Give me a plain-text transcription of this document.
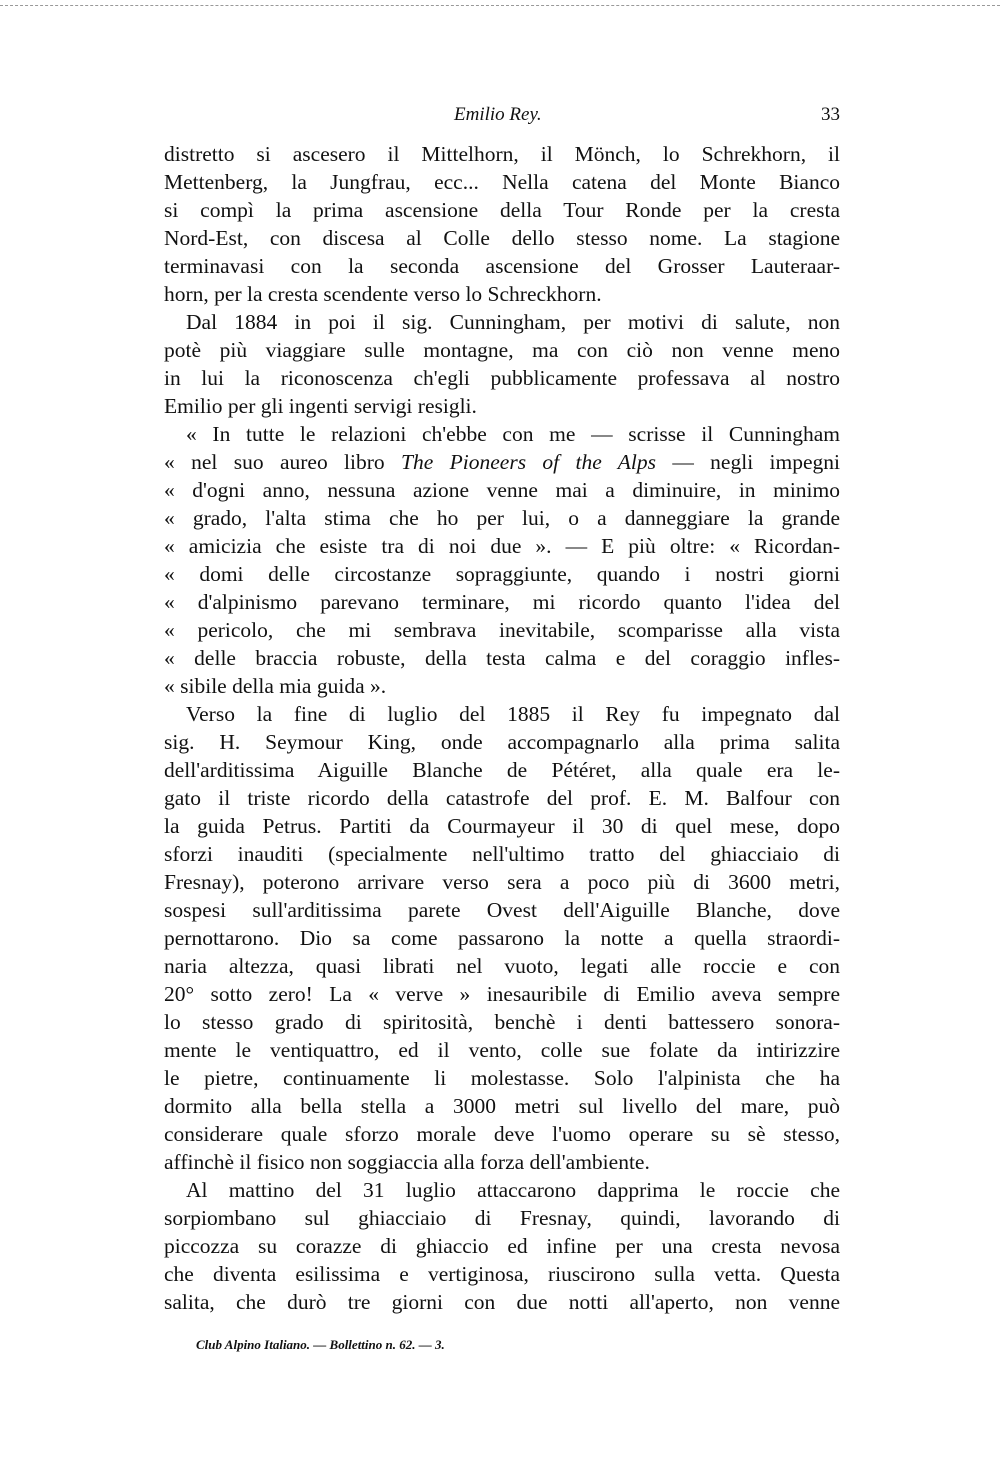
Emilio Rey.	33
distretto si ascesero il Mittelhorn, il Mönch, lo Schrekhorn, il
Mettenberg, la Jungfrau, ecc... Nella catena del Monte Bianco
si compì la prima ascensione della Tour Ronde per la cresta
Nord-Est, con discesa al Colle dello stesso nome. La stagione
terminavasi con la seconda ascensione del Grosser Lauteraar-
horn, per la cresta scendente verso lo Schreckhorn.
Dal 1884 in poi il sig. Cunningham, per motivi di salute, non
potè più viaggiare sulle montagne, ma con ciò non venne meno
in lui la riconoscenza ch'egli pubblicamente professava al nostro
Emilio per gli ingenti servigi resigli.
« In tutte le relazioni ch'ebbe con me — scrisse il Cunningham
« nel suo aureo libro The Pioneers of the Alps — negli impegni
« d'ogni anno, nessuna azione venne mai a diminuire, in minimo
« grado, l'alta stima che ho per lui, o a danneggiare la grande
« amicizia che esiste tra di noi due ». — E più oltre: « Ricordan-
« domi delle circostanze sopraggiunte, quando i nostri giorni
« d'alpinismo parevano terminare, mi ricordo quanto l'idea del
« pericolo, che mi sembrava inevitabile, scomparisse alla vista
« delle braccia robuste, della testa calma e del coraggio infles-
« sibile della mia guida ».
Verso la fine di luglio del 1885 il Rey fu impegnato dal
sig. H. Seymour King, onde accompagnarlo alla prima salita
dell'arditissima Aiguille Blanche de Pétéret, alla quale era le-
gato il triste ricordo della catastrofe del prof. E. M. Balfour con
la guida Petrus. Partiti da Courmayeur il 30 di quel mese, dopo
sforzi inauditi (specialmente nell'ultimo tratto del ghiacciaio di
Fresnay), poterono arrivare verso sera a poco più di 3600 metri,
sospesi sull'arditissima parete Ovest dell'Aiguille Blanche, dove
pernottarono. Dio sa come passarono la notte a quella straordi-
naria altezza, quasi librati nel vuoto, legati alle roccie e con
20° sotto zero! La « verve » inesauribile di Emilio aveva sempre
lo stesso grado di spiritosità, benchè i denti battessero sonora-
mente le ventiquattro, ed il vento, colle sue folate da intirizzire
le pietre, continuamente li molestasse. Solo l'alpinista che ha
dormito alla bella stella a 3000 metri sul livello del mare, può
considerare quale sforzo morale deve l'uomo operare su sè stesso,
affinchè il fisico non soggiaccia alla forza dell'ambiente.
Al mattino del 31 luglio attaccarono dapprima le roccie che
sorpiombano sul ghiacciaio di Fresnay, quindi, lavorando di
piccozza su corazze di ghiaccio ed infine per una cresta nevosa
che diventa esilissima e vertiginosa, riuscirono sulla vetta. Questa
salita, che durò tre giorni con due notti all'aperto, non venne
Club Alpino Italiano. — Bollettino n. 62. — 3.
